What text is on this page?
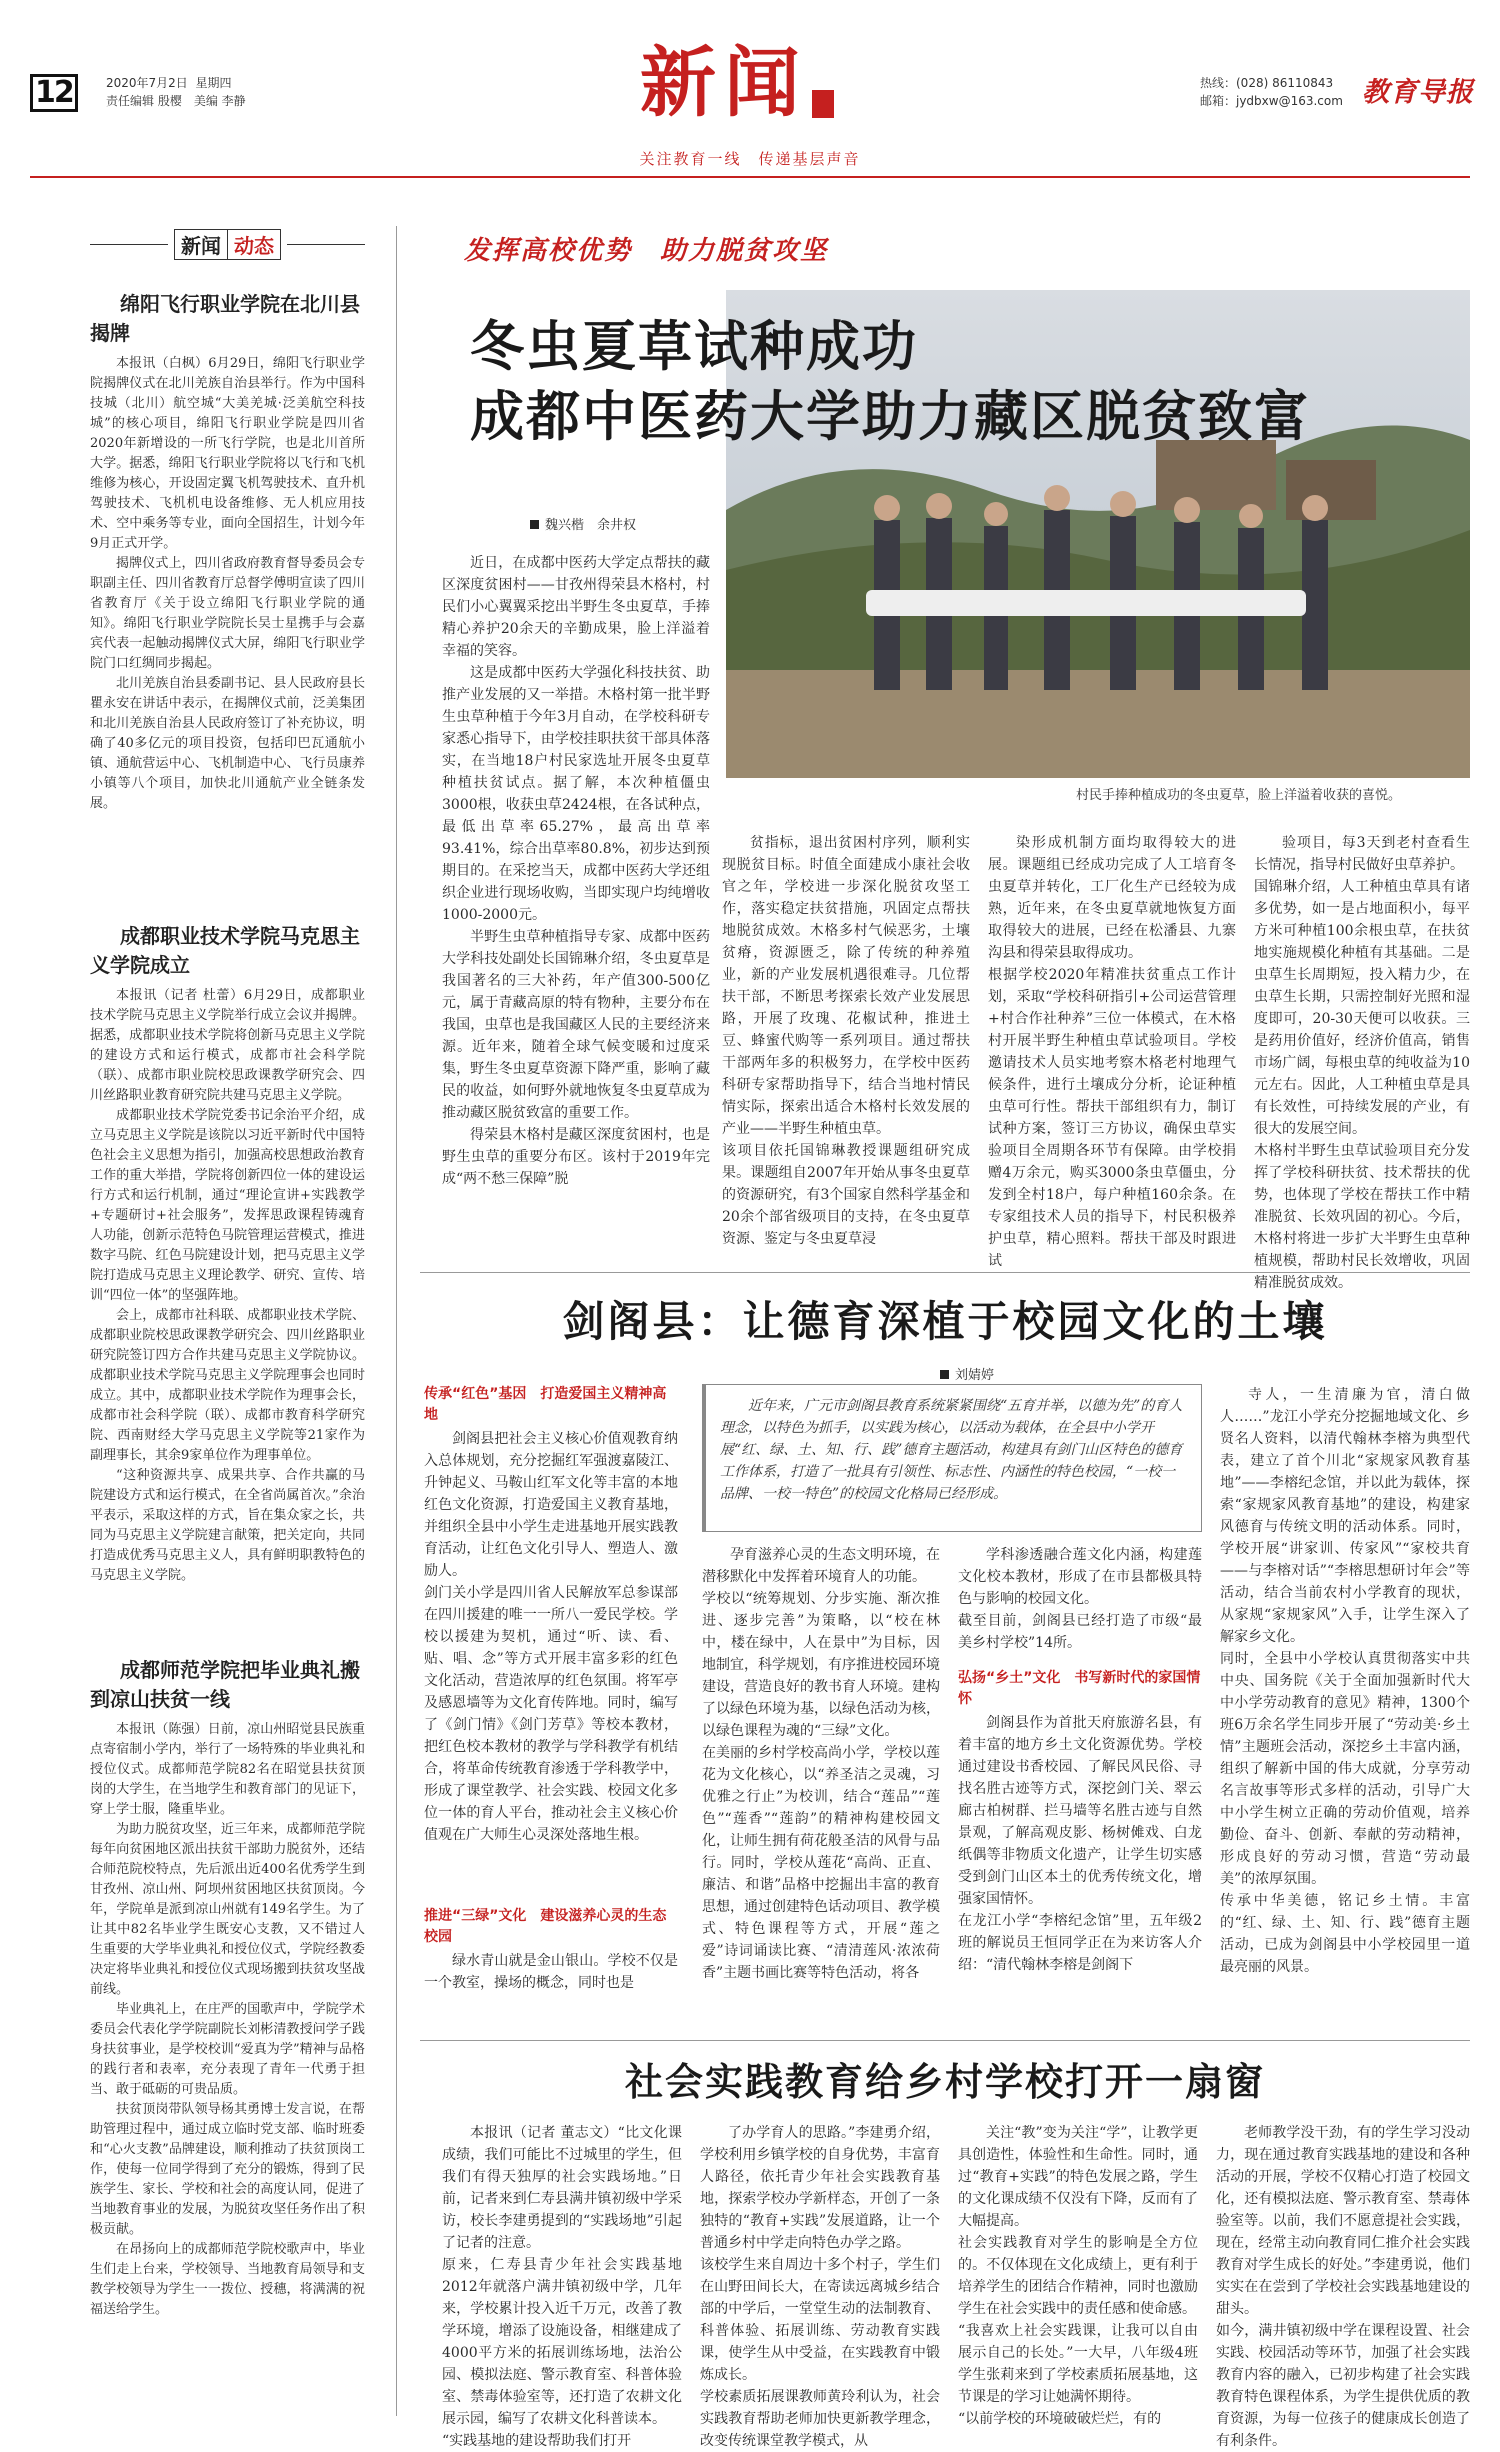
12	2020年7月2日 星期四
责任编辑 殷樱　美编 李静	新闻
关注教育一线　传递基层声音
热线：(028) 86110843
邮箱：jydbxw@163.com 教育导报
新闻 动态
绵阳飞行职业学院在北川县揭牌

本报讯（白枫）6月29日，绵阳飞行职业学院揭牌仪式在北川羌族自治县举行。作为中国科技城（北川）航空城“大美羌城·泛美航空科技城”的核心项目，绵阳飞行职业学院是四川省2020年新增设的一所飞行学院，也是北川首所大学。据悉，绵阳飞行职业学院将以飞行和飞机维修为核心，开设固定翼飞机驾驶技术、直升机驾驶技术、飞机机电设备维修、无人机应用技术、空中乘务等专业，面向全国招生，计划今年9月正式开学。

揭牌仪式上，四川省政府教育督导委员会专职副主任、四川省教育厅总督学傅明宣读了四川省教育厅《关于设立绵阳飞行职业学院的通知》。绵阳飞行职业学院院长吴士星携手与会嘉宾代表一起触动揭牌仪式大屏，绵阳飞行职业学院门口红绸同步揭起。

北川羌族自治县委副书记、县人民政府县长瞿永安在讲话中表示，在揭牌仪式前，泛美集团和北川羌族自治县人民政府签订了补充协议，明确了40多亿元的项目投资，包括印巴瓦通航小镇、通航营运中心、飞机制造中心、飞行员康养小镇等八个项目，加快北川通航产业全链条发展。

成都职业技术学院马克思主义学院成立

本报讯（记者 杜蕾）6月29日，成都职业技术学院马克思主义学院举行成立会议并揭牌。据悉，成都职业技术学院将创新马克思主义学院的建设方式和运行模式，成都市社会科学院（联）、成都市职业院校思政课教学研究会、四川丝路职业教育研究院共建马克思主义学院。

成都职业技术学院党委书记余治平介绍，成立马克思主义学院是该院以习近平新时代中国特色社会主义思想为指引，加强高校思想政治教育工作的重大举措，学院将创新四位一体的建设运行方式和运行机制，通过“理论宣讲+实践教学+专题研讨+社会服务”，发挥思政课程铸魂育人功能，创新示范特色马院管理运营模式，推进数字马院、红色马院建设计划，把马克思主义学院打造成马克思主义理论教学、研究、宣传、培训“四位一体”的坚强阵地。

会上，成都市社科联、成都职业技术学院、成都职业院校思政课教学研究会、四川丝路职业研究院签订四方合作共建马克思主义学院协议。成都职业技术学院马克思主义学院理事会也同时成立。其中，成都职业技术学院作为理事会长，成都市社会科学院（联）、成都市教育科学研究院、西南财经大学马克思主义学院等21家作为副理事长，其余9家单位作为理事单位。

“这种资源共享、成果共享、合作共赢的马院建设方式和运行模式，在全省尚属首次。”余治平表示，采取这样的方式，旨在集众家之长，共同为马克思主义学院建言献策，把关定向，共同打造成优秀马克思主义人，具有鲜明职教特色的马克思主义学院。

成都师范学院把毕业典礼搬到凉山扶贫一线

本报讯（陈强）日前，凉山州昭觉县民族重点寄宿制小学内，举行了一场特殊的毕业典礼和授位仪式。成都师范学院82名在昭觉县扶贫顶岗的大学生，在当地学生和教育部门的见证下，穿上学士服，隆重毕业。

为助力脱贫攻坚，近三年来，成都师范学院每年向贫困地区派出扶贫干部助力脱贫外，还结合师范院校特点，先后派出近400名优秀学生到甘孜州、凉山州、阿坝州贫困地区扶贫顶岗。今年，学院单是派到凉山州就有149名学生。为了让其中82名毕业学生既安心支教，又不错过人生重要的大学毕业典礼和授位仪式，学院经教委决定将毕业典礼和授位仪式现场搬到扶贫攻坚战前线。

毕业典礼上，在庄严的国歌声中，学院学术委员会代表化学学院副院长刘彬清教授问学子践身扶贫事业，是学校校训“爱真为学”精神与品格的践行者和表率，充分表现了青年一代勇于担当、敢于砥砺的可贵品质。

扶贫顶岗带队领导杨其勇博士发言说，在帮助管理过程中，通过成立临时党支部、临时班委和“心火支教”品牌建设，顺利推动了扶贫顶岗工作，使每一位同学得到了充分的锻炼，得到了民族学生、家长、学校和社会的高度认同，促进了当地教育事业的发展，为脱贫攻坚任务作出了积极贡献。

在昂扬向上的成都师范学院校歌声中，毕业生们走上台来，学校领导、当地教育局领导和支教学校领导为学生一一拨位、授穗，将满满的祝福送给学生。

发挥高校优势　助力脱贫攻坚
冬虫夏草试种成功
成都中医药大学助力藏区脱贫致富
村民手捧种植成功的冬虫夏草，脸上洋溢着收获的喜悦。
魏兴楷　余井权

近日，在成都中医药大学定点帮扶的藏区深度贫困村——甘孜州得荣县木格村，村民们小心翼翼采挖出半野生冬虫夏草，手捧精心养护20余天的辛勤成果，脸上洋溢着幸福的笑容。

这是成都中医药大学强化科技扶贫、助推产业发展的又一举措。木格村第一批半野生虫草种植于今年3月自动，在学校科研专家悉心指导下，由学校挂职扶贫干部具体落实，在当地18户村民家选址开展冬虫夏草种植扶贫试点。据了解，本次种植僵虫3000根，收获虫草2424根，在各试种点，最低出草率65.27%，最高出草率93.41%，综合出草率80.8%，初步达到预期目的。在采挖当天，成都中医药大学还组织企业进行现场收购，当即实现户均纯增收1000-2000元。

半野生虫草种植指导专家、成都中医药大学科技处副处长国锦琳介绍，冬虫夏草是我国著名的三大补药，年产值300-500亿元，属于青藏高原的特有物种，主要分布在我国，虫草也是我国藏区人民的主要经济来源。近年来，随着全球气候变暖和过度采集，野生冬虫夏草资源下降严重，影响了藏民的收益，如何野外就地恢复冬虫夏草成为推动藏区脱贫致富的重要工作。

得荣县木格村是藏区深度贫困村，也是野生虫草的重要分布区。该村于2019年完成“两不愁三保障”脱

贫指标，退出贫困村序列，顺利实现脱贫目标。时值全面建成小康社会收官之年，学校进一步深化脱贫攻坚工作，落实稳定扶贫措施，巩固定点帮扶地脱贫成效。木格多村气候恶劣，土壤贫瘠，资源匮乏，除了传统的种养殖业，新的产业发展机遇很难寻。几位帮扶干部，不断思考探索长效产业发展思路，开展了玫瑰、花椒试种，推进土豆、蜂蜜代购等一系列项目。通过帮扶干部两年多的积极努力，在学校中医药科研专家帮助指导下，结合当地村情民情实际，探索出适合木格村长效发展的产业——半野生种植虫草。
该项目依托国锦琳教授课题组研究成果。课题组自2007年开始从事冬虫夏草的资源研究，有3个国家自然科学基金和20余个部省级项目的支持，在冬虫夏草资源、鉴定与冬虫夏草浸
染形成机制方面均取得较大的进展。课题组已经成功完成了人工培育冬虫夏草并转化，工厂化生产已经较为成熟，近年来，在冬虫夏草就地恢复方面取得较大的进展，已经在松潘县、九寨沟县和得荣县取得成功。
根据学校2020年精准扶贫重点工作计划，采取“学校科研指引+公司运营管理+村合作社种养”三位一体模式，在木格村开展半野生种植虫草试验项目。学校邀请技术人员实地考察木格老村地理气候条件，进行土壤成分分析，论证种植虫草可行性。帮扶干部组织有力，制订试种方案，签订三方协议，确保虫草实验项目全周期各环节有保障。由学校捐赠4万余元，购买3000条虫草僵虫，分发到全村18户，每户种植160余条。在专家组技术人员的指导下，村民积极养护虫草，精心照料。帮扶干部及时跟进试
验项目，每3天到老村查看生长情况，指导村民做好虫草养护。
国锦琳介绍，人工种植虫草具有诸多优势，如一是占地面积小，每平方米可种植100余根虫草，在扶贫地实施规模化种植有其基础。二是虫草生长周期短，投入精力少，在虫草生长期，只需控制好光照和湿度即可，20-30天便可以收获。三是药用价值好，经济价值高，销售市场广阔，每根虫草的纯收益为10元左右。因此，人工种植虫草是具有长效性，可持续发展的产业，有很大的发展空间。
木格村半野生虫草试验项目充分发挥了学校科研扶贫、技术帮扶的优势，也体现了学校在帮扶工作中精准脱贫、长效巩固的初心。今后，木格村将进一步扩大半野生虫草种植规模，帮助村民长效增收，巩固精准脱贫成效。
剑阁县：让德育深植于校园文化的土壤
刘婧婷
传承“红色”基因　打造爱国主义精神高地
剑阁县把社会主义核心价值观教育纳入总体规划，充分挖掘红军强渡嘉陵江、升钟起义、马鞍山红军文化等丰富的本地红色文化资源，打造爱国主义教育基地，并组织全县中小学生走进基地开展实践教育活动，让红色文化引导人、塑造人、激励人。
剑门关小学是四川省人民解放军总参谋部在四川援建的唯一一所八一爱民学校。学校以援建为契机，通过“听、读、看、贴、唱、念”等方式开展丰富多彩的红色文化活动，营造浓厚的红色氛围。将军亭及感恩墙等为文化育传阵地。同时，编写了《剑门情》《剑门芳草》等校本教材，把红色校本教材的教学与学科教学有机结合，将革命传统教育渗透于学科教学中，形成了课堂教学、社会实践、校园文化多位一体的育人平台，推动社会主义核心价值观在广大师生心灵深处落地生根。
推进“三绿”文化　建设滋养心灵的生态校园
绿水青山就是金山银山。学校不仅是一个教室，操场的概念，同时也是
近年来，广元市剑阁县教育系统紧紧围绕“五育并举，以德为先”的育人理念，以特色为抓手，以实践为核心，以活动为载体，在全县中小学开展“红、绿、土、知、行、践”德育主题活动，构建具有剑门山区特色的德育工作体系，打造了一批具有引领性、标志性、内涵性的特色校园，“一校一品牌、一校一特色”的校园文化格局已经形成。
孕育滋养心灵的生态文明环境，在潜移默化中发挥着环境育人的功能。
学校以“统筹规划、分步实施、渐次推进、逐步完善”为策略，以“校在林中，楼在绿中，人在景中”为目标，因地制宜，科学规划，有序推进校园环境建设，营造良好的教书育人环境。建构了以绿色环境为基，以绿色活动为核，以绿色课程为魂的“三绿”文化。
在美丽的乡村学校高尚小学，学校以莲花为文化核心，以“养圣洁之灵魂，习优雅之行止”为校训，结合“莲品”“莲色”“莲香”“莲韵”的精神构建校园文化，让师生拥有荷花般圣洁的风骨与品行。同时，学校从莲花“高尚、正直、廉洁、和谐”品格中挖掘出丰富的教育思想，通过创建特色话动项目、教学模式、特色课程等方式，开展“莲之爱”诗词诵读比赛、“清清莲风·浓浓荷香”主题书画比赛等特色活动，将各
学科渗透融合莲文化内涵，构建莲文化校本教材，形成了在市县都极具特色与影响的校园文化。
截至目前，剑阁县已经打造了市级“最美乡村学校”14所。
弘扬“乡土”文化　书写新时代的家国情怀
剑阁县作为首批天府旅游名县，有着丰富的地方乡土文化资源优势。学校通过建设书香校园、了解民风民俗、寻找名胜古迹等方式，深挖剑门关、翠云廊古柏树群、拦马墙等名胜古迹与自然景观，了解高观皮影、杨树傩戏、白龙纸偶等非物质文化遗产，让学生切实感受到剑门山区本土的优秀传统文化，增强家国情怀。
在龙江小学“李榕纪念馆”里，五年级2班的解说员王恒同学正在为来访客人介绍：“清代翰林李榕是剑阁下
寺人，一生清廉为官，清白做人……”龙江小学充分挖掘地域文化、乡贤名人资料，以清代翰林李榕为典型代表，建立了首个川北“家规家风教育基地”——李榕纪念馆，并以此为载体，探索“家规家风教育基地”的建设，构建家风德育与传统文明的活动体系。同时，学校开展“讲家训、传家风”“家校共育——与李榕对话”“李榕思想研讨年会”等活动，结合当前农村小学教育的现状，从家规“家规家风”入手，让学生深入了解家乡文化。
同时，全县中小学校认真贯彻落实中共中央、国务院《关于全面加强新时代大中小学劳动教育的意见》精神，1300个班6万余名学生同步开展了“劳动美·乡土情”主题班会活动，深挖乡土丰富内涵，组织了解新中国的伟大成就，分享劳动名言故事等形式多样的活动，引导广大中小学生树立正确的劳动价值观，培养勤俭、奋斗、创新、奉献的劳动精神，形成良好的劳动习惯，营造“劳动最美”的浓厚氛围。
传承中华美德，铭记乡土情。丰富的“红、绿、土、知、行、践”德育主题活动，已成为剑阁县中小学校园里一道最亮丽的风景。
社会实践教育给乡村学校打开一扇窗
本报讯（记者 董志文）“比文化课成绩，我们可能比不过城里的学生，但我们有得天独厚的社会实践场地。”日前，记者来到仁寿县满井镇初级中学采访，校长李建勇提到的“实践场地”引起了记者的注意。
原来，仁寿县青少年社会实践基地2012年就落户满井镇初级中学，几年来，学校累计投入近千万元，改善了教学环境，增添了设施设备，相继建成了4000平方米的拓展训练场地，法治公园、模拟法庭、警示教育室、科普体验室、禁毒体验室等，还打造了农耕文化展示园，编写了农耕文化科普读本。
“实践基地的建设帮助我们打开
了办学育人的思路。”李建勇介绍，学校利用乡镇学校的自身优势，丰富育人路径，依托青少年社会实践教育基地，探索学校办学新样态，开创了一条独特的“教育+实践”发展道路，让一个普通乡村中学走向特色办学之路。
该校学生来自周边十多个村子，学生们在山野田间长大，在寄读远离城乡结合部的中学后，一堂堂生动的法制教育、科普体验、拓展训练、劳动教育实践课，使学生从中受益，在实践教育中锻炼成长。
学校素质拓展课教师黄玲利认为，社会实践教育帮助老师加快更新教学理念，改变传统课堂教学模式，从
关注“教”变为关注“学”，让教学更具创造性，体验性和生命性。同时，通过“教育+实践”的特色发展之路，学生的文化课成绩不仅没有下降，反而有了大幅提高。
社会实践教育对学生的影响是全方位的。不仅体现在文化成绩上，更有利于培养学生的团结合作精神，同时也激励学生在社会实践中的责任感和使命感。
“我喜欢上社会实践课，让我可以自由展示自己的长处。”一大早，八年级4班学生张莉来到了学校素质拓展基地，这节课是的学习让她满怀期待。
“以前学校的环境破破烂烂，有的
老师教学没干劲，有的学生学习没动力，现在通过教育实践基地的建设和各种活动的开展，学校不仅精心打造了校园文化，还有模拟法庭、警示教育室、禁毒体验室等。以前，我们不愿意提社会实践，现在，经常主动向教育同仁推介社会实践教育对学生成长的好处。”李建勇说，他们实实在在尝到了学校社会实践基地建设的甜头。
如今，满井镇初级中学在课程设置、社会实践、校园活动等环节，加强了社会实践教育内容的融入，已初步构建了社会实践教育特色课程体系，为学生提供优质的教育资源，为每一位孩子的健康成长创造了有利条件。
